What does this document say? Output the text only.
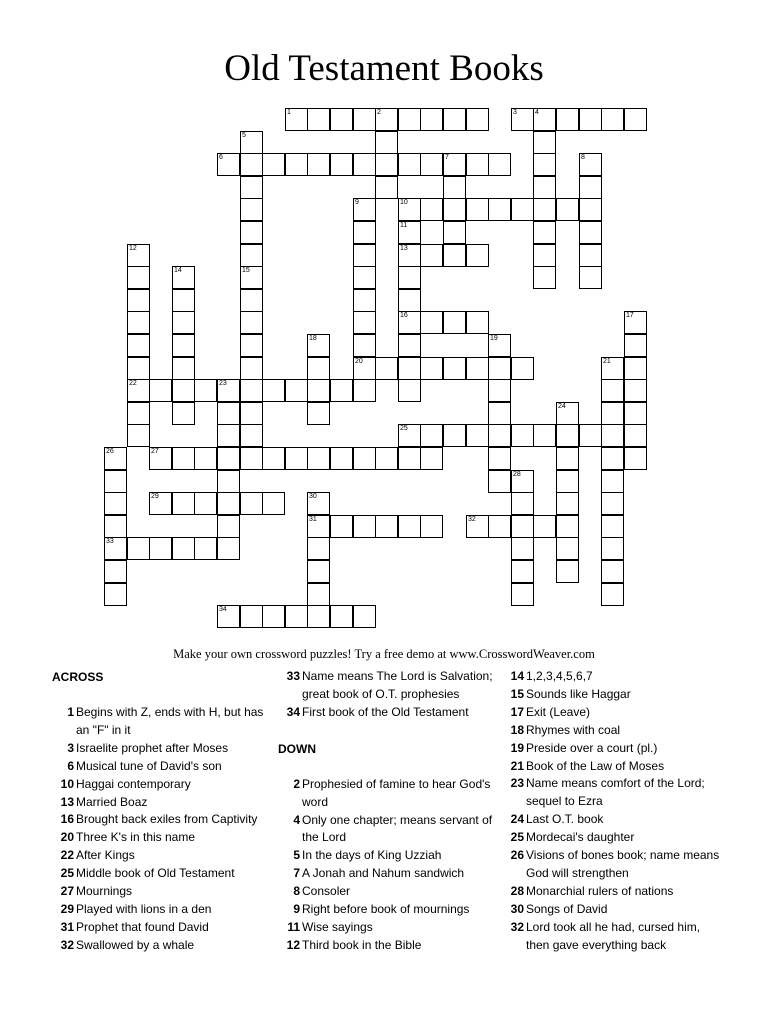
Old Testament Books
1	2	3	4
5
6	7	8
9
20
10
11
13
16
12
22
14	15
17
18	19
21
23
24
25
26
33
27
28
29	30
31	32
34
Make your own crossword puzzles! Try a free demo at www.CrosswordWeaver.com
ACROSS
1 Begins with Z, ends with H, but has an "F" in it
3 Israelite prophet after Moses
6 Musical tune of David's son
10 Haggai contemporary
13 Married Boaz
16 Brought back exiles from Captivity
20 Three K's in this name
22 After Kings
25 Middle book of Old Testament
27 Mournings
29 Played with lions in a den
31 Prophet that found David
32 Swallowed by a whale
33 Name means The Lord is Salvation; great book of O.T. prophesies
34 First book of the Old Testament
DOWN
2 Prophesied of famine to hear God's word
4 Only one chapter; means servant of the Lord
5 In the days of King Uzziah
7 A Jonah and Nahum sandwich
8 Consoler
9 Right before book of mournings
11 Wise sayings
12 Third book in the Bible
14 1,2,3,4,5,6,7
15 Sounds like Haggar
17 Exit (Leave)
18 Rhymes with coal
19 Preside over a court (pl.)
21 Book of the Law of Moses
23 Name means comfort of the Lord; sequel to Ezra
24 Last O.T. book
25 Mordecai's daughter
26 Visions of bones book; name means God will strengthen
28 Monarchial rulers of nations
30 Songs of David
32 Lord took all he had, cursed him, then gave everything back
